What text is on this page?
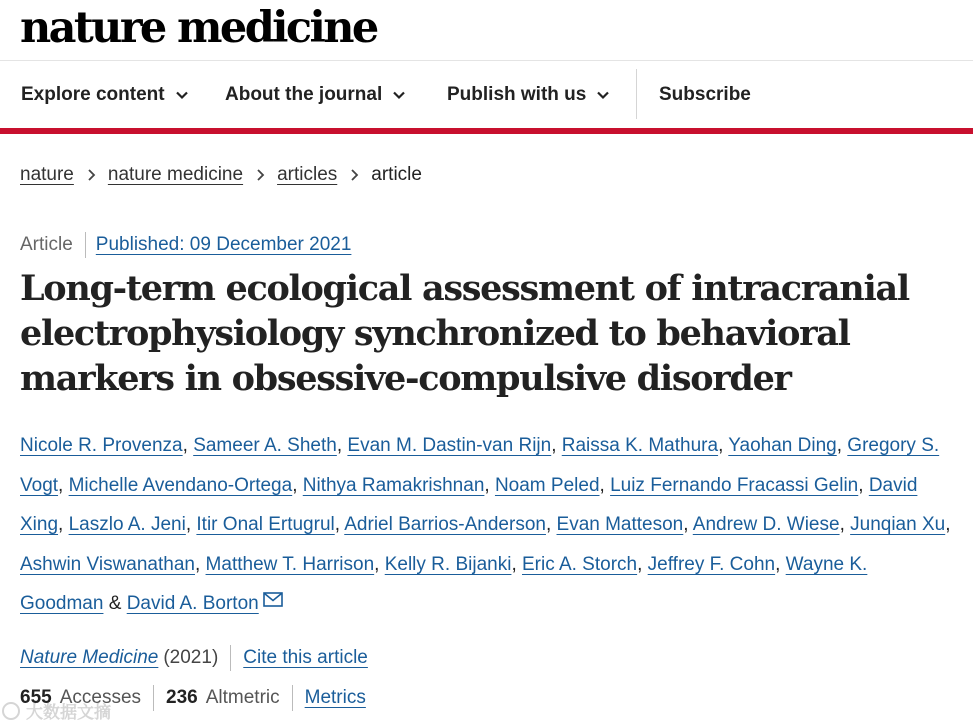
nature medicine
Explore content	About the journal	Publish with us	Subscribe
nature nature medicine articles article
Article Published: 09 December 2021
Long-term ecological assessment of intracranial electrophysiology synchronized to behavioral markers in obsessive-compulsive disorder
Nicole R. Provenza, Sameer A. Sheth, Evan M. Dastin-van Rijn, Raissa K. Mathura, Yaohan Ding, Gregory S. Vogt, Michelle Avendano-Ortega, Nithya Ramakrishnan, Noam Peled, Luiz Fernando Fracassi Gelin, David Xing, Laszlo A. Jeni, Itir Onal Ertugrul, Adriel Barrios-Anderson, Evan Matteson, Andrew D. Wiese, Junqian Xu, Ashwin Viswanathan, Matthew T. Harrison, Kelly R. Bijanki, Eric A. Storch, Jeffrey F. Cohn, Wayne K. Goodman & David A. Borton
Nature Medicine (2021) Cite this article
655 Accesses 236 Altmetric Metrics
大数据文摘
